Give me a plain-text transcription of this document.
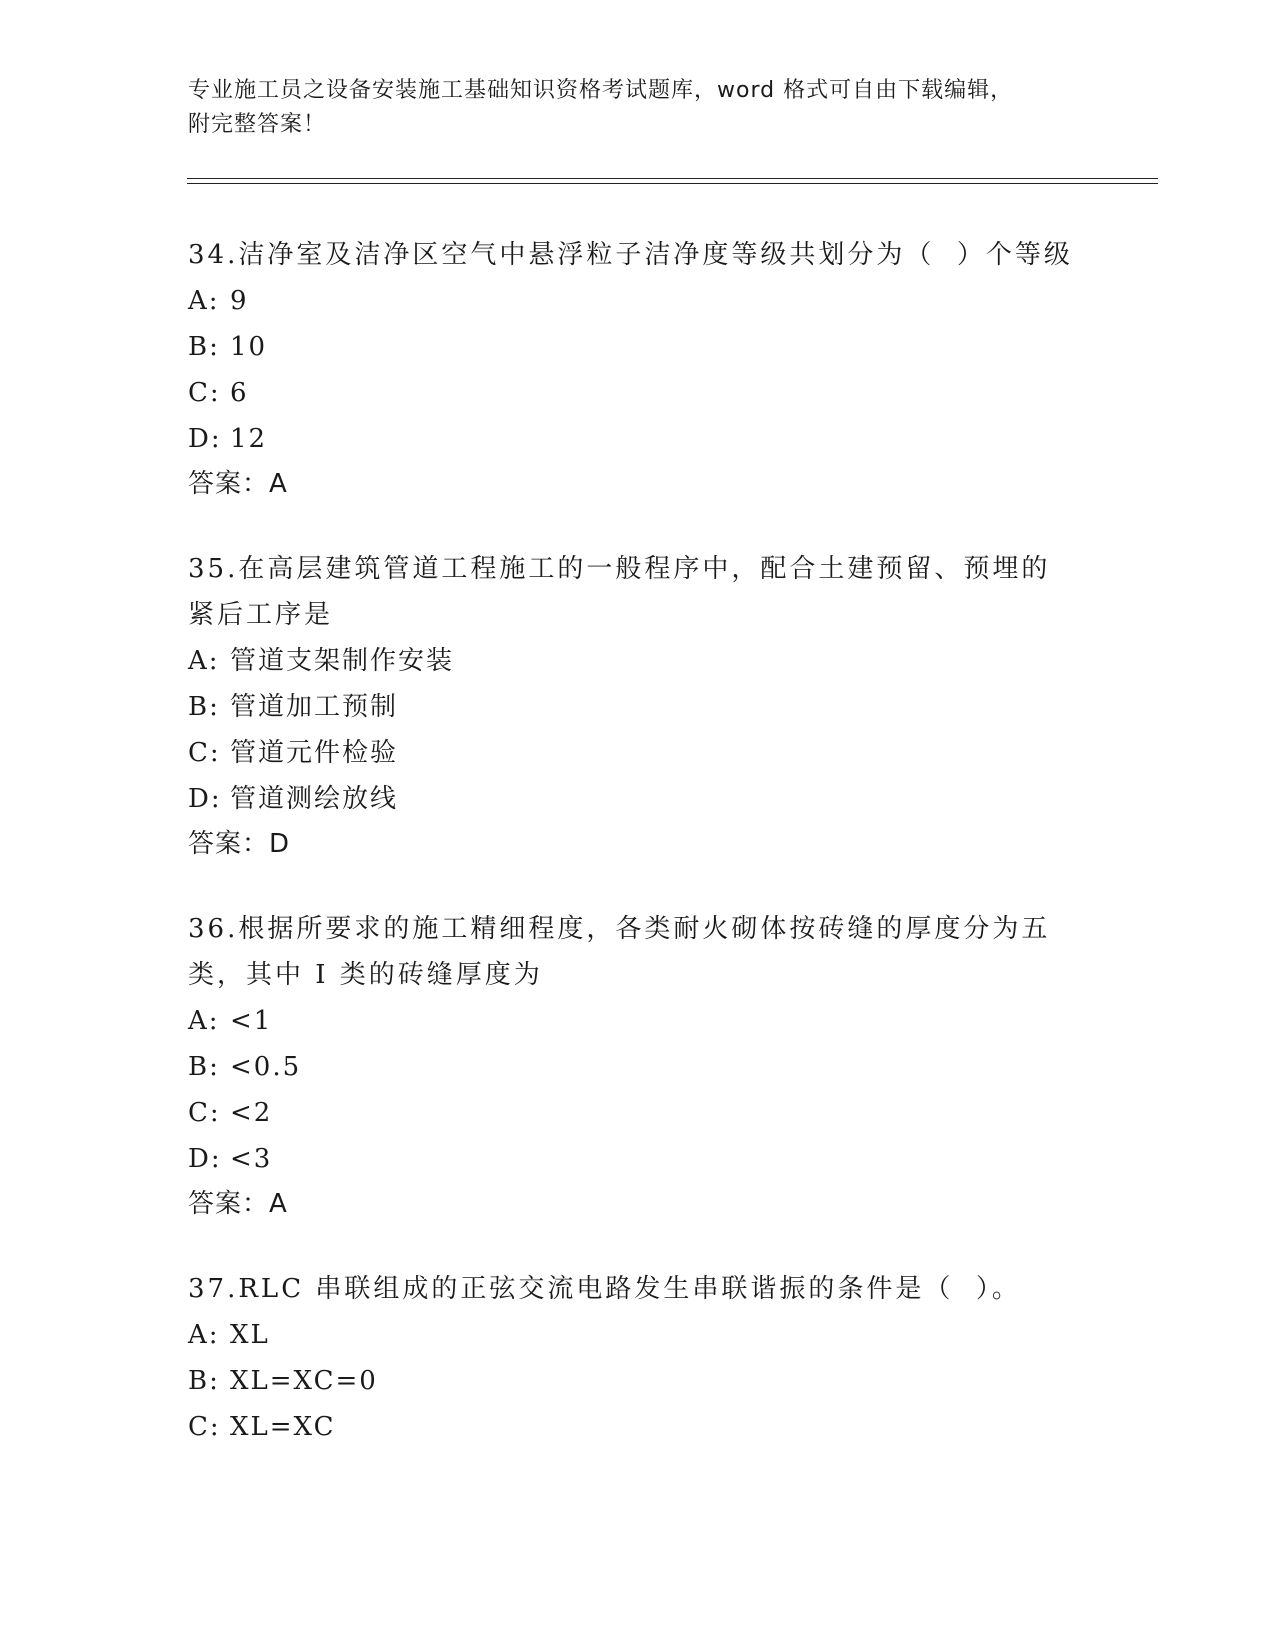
专业施工员之设备安装施工基础知识资格考试题库，word 格式可自由下载编辑，
附完整答案！

34.洁净室及洁净区空气中悬浮粒子洁净度等级共划分为（  ）个等级

A: 9

B: 10

C: 6

D: 12

答案：A

35.在高层建筑管道工程施工的一般程序中，配合土建预留、预埋的紧后工序是

A: 管道支架制作安装

B: 管道加工预制

C: 管道元件检验

D: 管道测绘放线

答案：D

36.根据所要求的施工精细程度，各类耐火砌体按砖缝的厚度分为五类，其中 I 类的砖缝厚度为

A: <1

B: <0.5

C: <2

D: <3

答案：A

37.RLC 串联组成的正弦交流电路发生串联谐振的条件是（  ）。

A: XL

B: XL=XC=0

C: XL=XC
